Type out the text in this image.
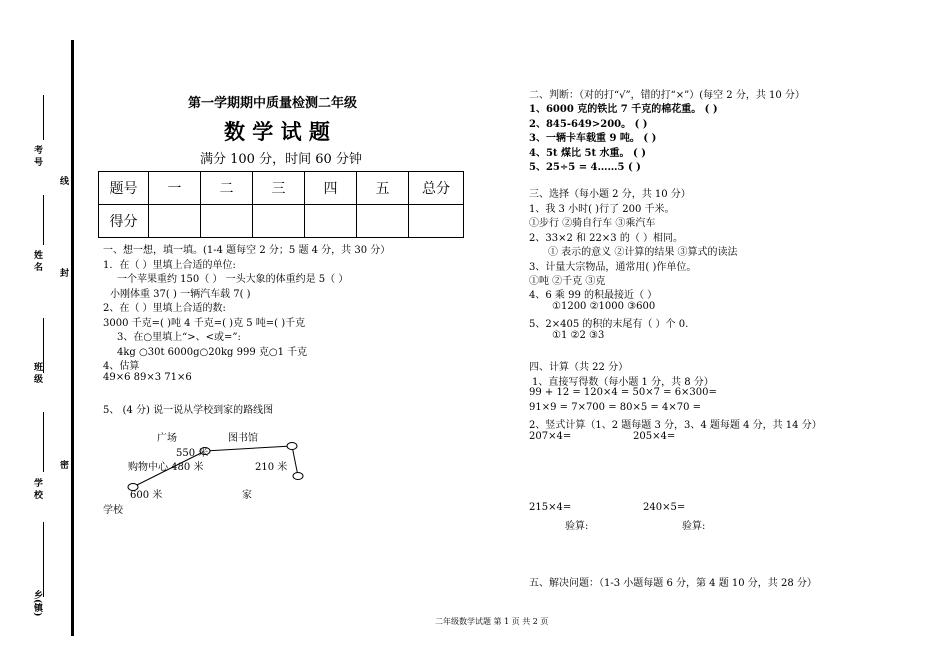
考 号
线
姓 名
封
班 级
密
学 校
乡(镇)
第一学期期中质量检测二年级
数 学 试 题
满分 100 分，时间 60 分钟
题号	一	二	三	四	五	总分
得分						
一、想一想，填一填。(1-4 题每空 2 分；5 题 4 分，共 30 分）
1．在（ ）里填上合适的单位:
一个苹果重约 150（ ） 一头大象的体重约是 5（ ）
小刚体重 37( ) 一辆汽车载 7( )
2、在（ ）里填上合适的数:
3000 千克=( )吨 4 千克=( )克 5 吨=( )千克
3、在○里填上“>、<或=”:
4kg ○30t 6000g○20kg 999 克○1 千克
4、估算
49×6 89×3 71×6
5、 (4 分) 说一说从学校到家的路线图
广场	图书馆
550 米
购物中心 480 米	210 米
600 米	家
学校
二、判断：（对的打“√”，错的打“×”）(每空 2 分，共 10 分）
1、6000 克的铁比 7 千克的棉花重。 ( )
2、845-649>200。 ( )
3、一辆卡车载重 9 吨。 ( )
4、5t 煤比 5t 水重。 ( )
5、25÷5 = 4……5 ( )
三、选择（每小题 2 分，共 10 分）
1、我 3 小时( )行了 200 千米。
①步行 ②骑自行车 ③乘汽车
2、33×2 和 22×3 的（ ）相同。
① 表示的意义 ②计算的结果 ③算式的读法
3、计量大宗物品，通常用( )作单位。
①吨 ②千克 ③克
4、6 乘 99 的积最接近（ ）
①1200 ②1000 ③600
5、2×405 的积的末尾有（ ）个 0.
①1 ②2 ③3
四、计算（共 22 分）
1、直接写得数（每小题 1 分，共 8 分）
99 + 12 = 120×4 = 50×7 = 6×300=
91×9 = 7×700 = 80×5 = 4×70 =
2、竖式计算（1、2 题每题 3 分，3、4 题每题 4 分，共 14 分）
207×4=	205×4=
215×4=	240×5=
验算:	验算:
五、解决问题：（1-3 小题每题 6 分，第 4 题 10 分，共 28 分）
二年级数学试题 第 1 页 共 2 页
